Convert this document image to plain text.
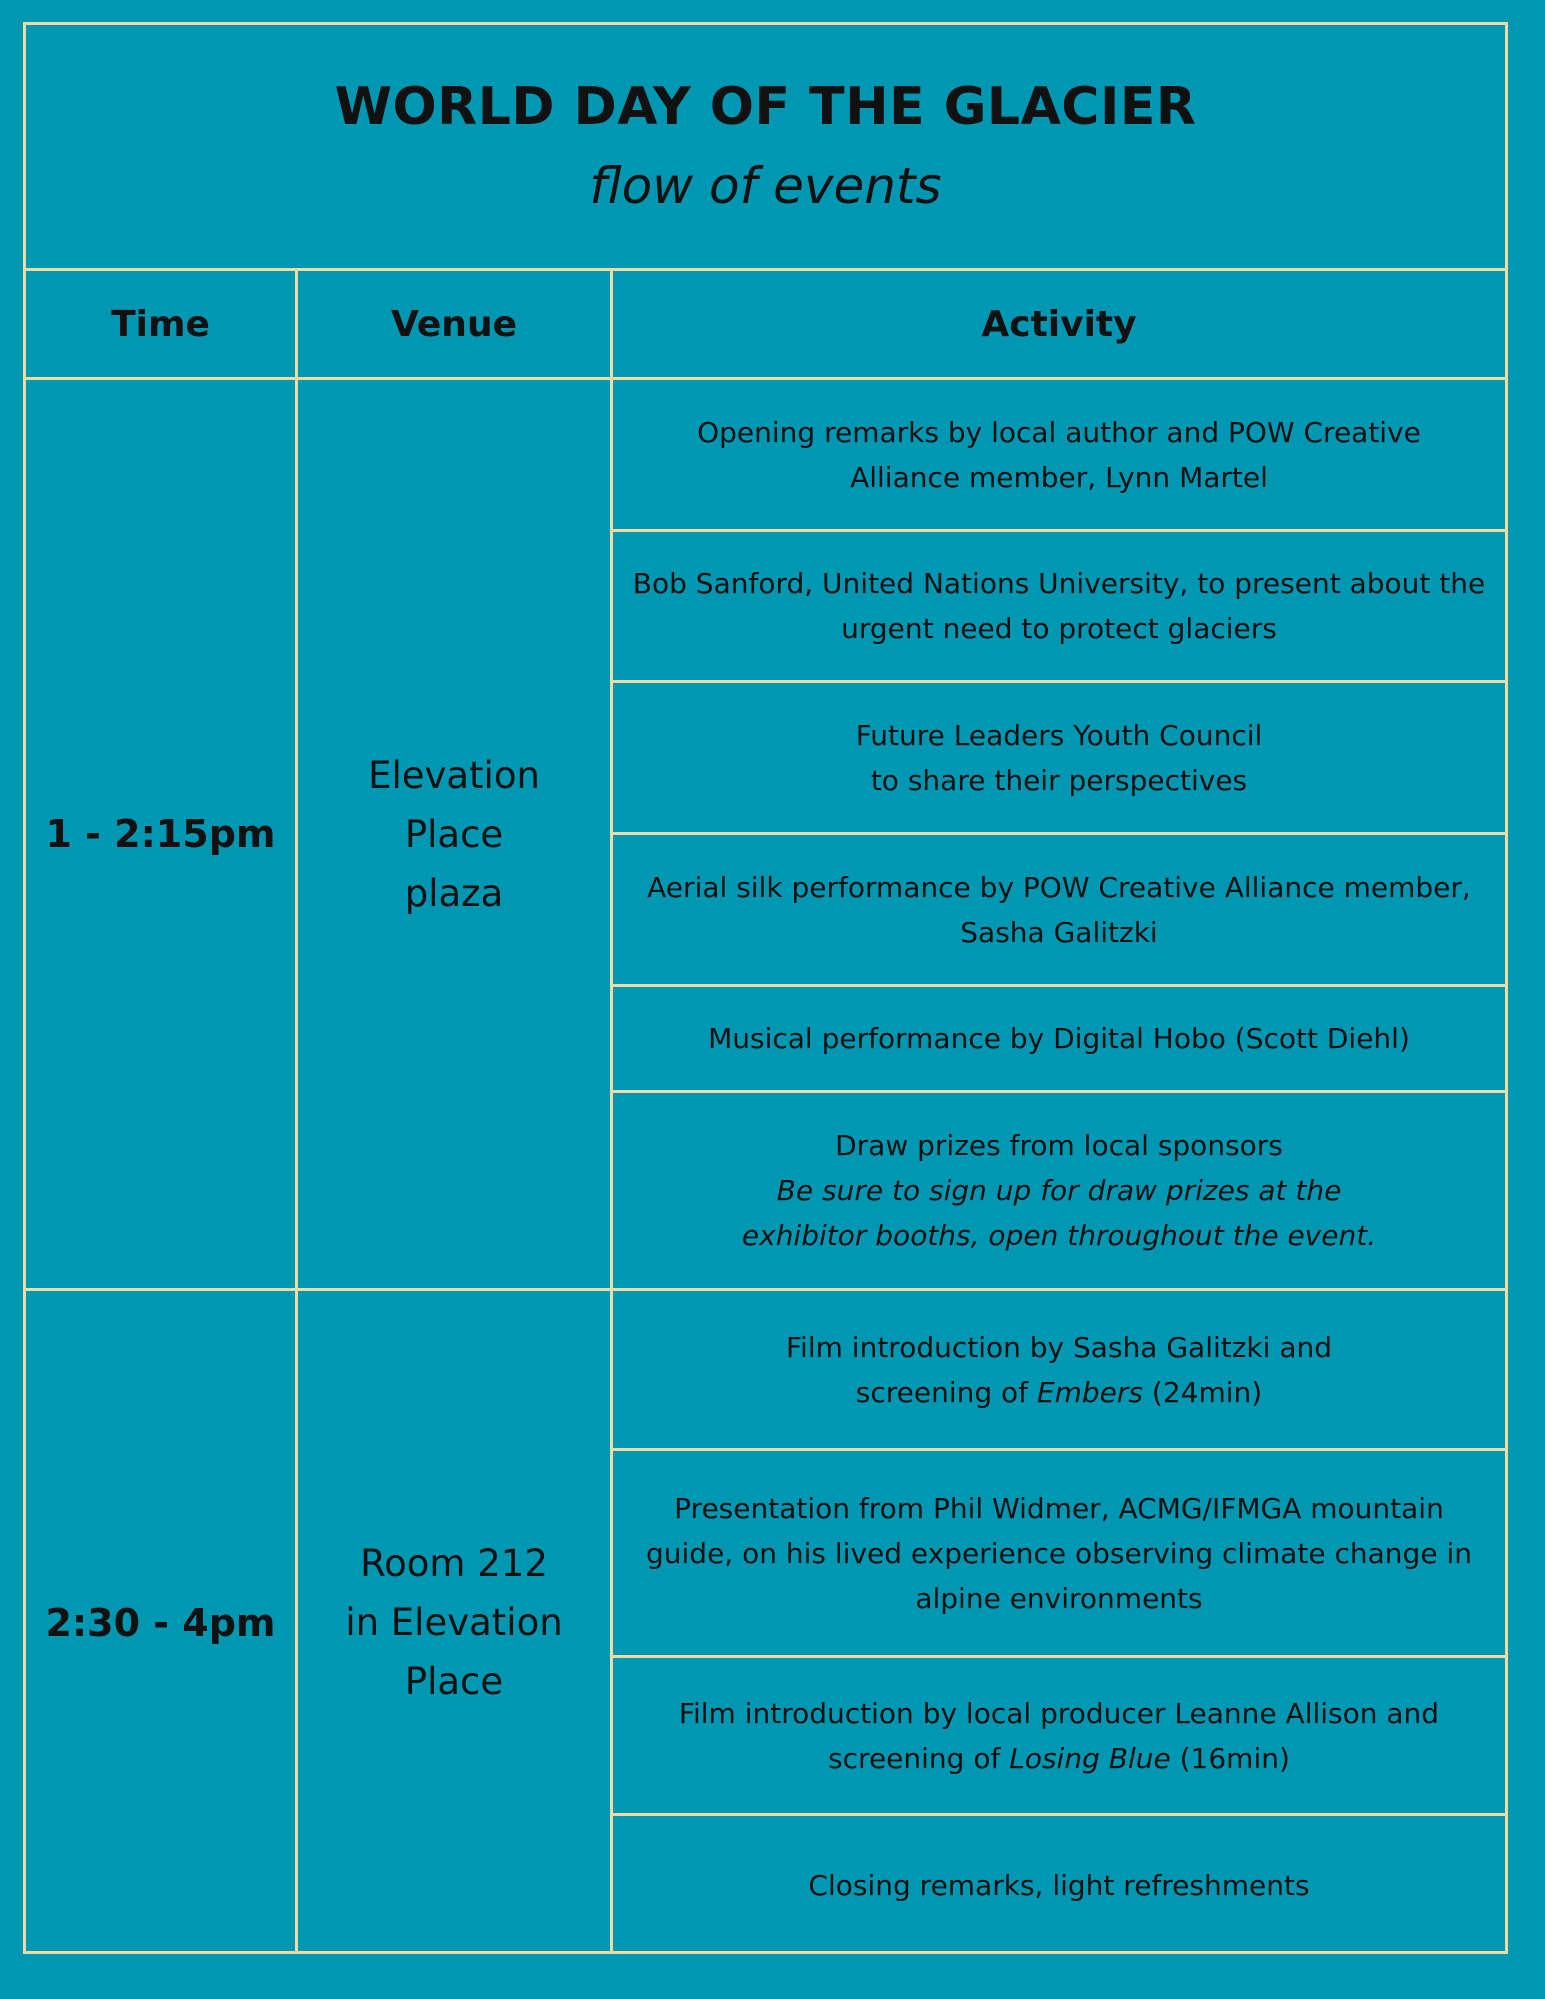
WORLD DAY OF THE GLACIER
flow of events
Time	Venue	Activity
1 - 2:15pm
Elevation
Place
plaza
Opening remarks by local author and POW Creative
Alliance member, Lynn Martel
Bob Sanford, United Nations University, to present about the
urgent need to protect glaciers
Future Leaders Youth Council
to share their perspectives
Aerial silk performance by POW Creative Alliance member,
Sasha Galitzki
Musical performance by Digital Hobo (Scott Diehl)
Draw prizes from local sponsors
Be sure to sign up for draw prizes at the
exhibitor booths, open throughout the event.
2:30 - 4pm
Room 212
in Elevation
Place
Film introduction by Sasha Galitzki and
screening of Embers (24min)
Presentation from Phil Widmer, ACMG/IFMGA mountain
guide, on his lived experience observing climate change in
alpine environments
Film introduction by local producer Leanne Allison and
screening of Losing Blue (16min)
Closing remarks, light refreshments
